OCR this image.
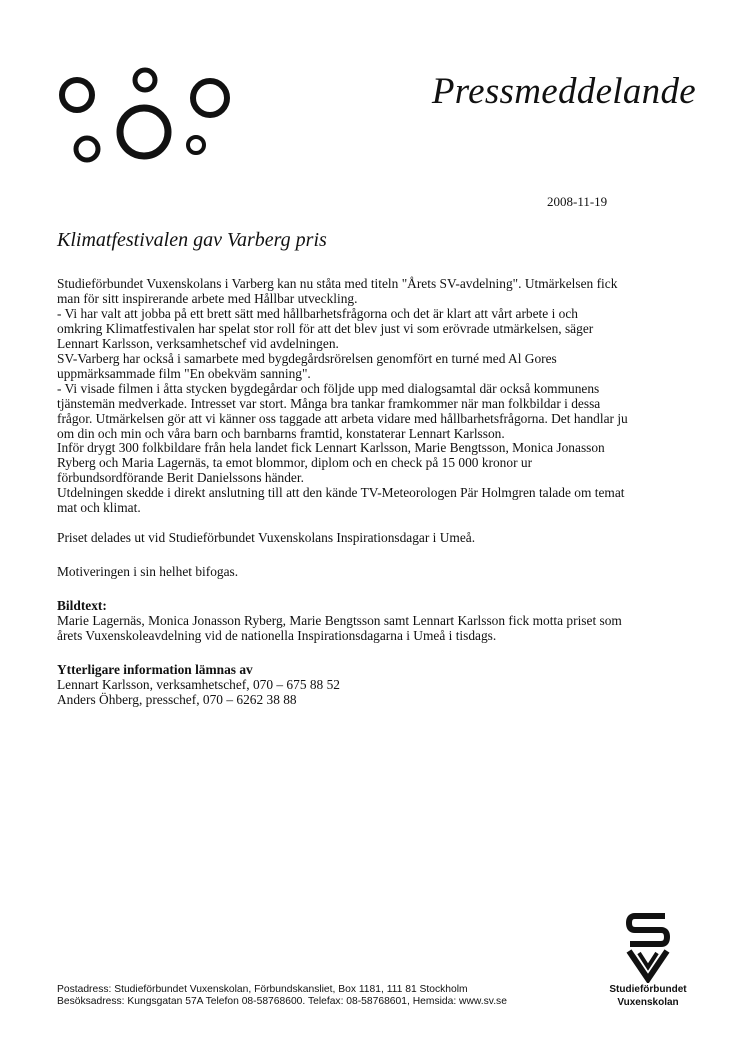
Pressmeddelande
2008-11-19
Klimatfestivalen gav Varberg pris

Studieförbundet Vuxenskolans i Varberg kan nu ståta med titeln "Årets SV-avdelning". Utmärkelsen fick

man för sitt inspirerande arbete med Hållbar utveckling.

- Vi har valt att jobba på ett brett sätt med hållbarhetsfrågorna och det är klart att vårt arbete i och

omkring Klimatfestivalen har spelat stor roll för att det blev just vi som erövrade utmärkelsen, säger

Lennart Karlsson, verksamhetschef vid avdelningen.

SV-Varberg har också i samarbete med bygdegårdsrörelsen genomfört en turné med Al Gores

uppmärksammade film "En obekväm sanning".

- Vi visade filmen i åtta stycken bygdegårdar och följde upp med dialogsamtal där också kommunens

tjänstemän medverkade. Intresset var stort. Många bra tankar framkommer när man folkbildar i dessa

frågor. Utmärkelsen gör att vi känner oss taggade att arbeta vidare med hållbarhetsfrågorna. Det handlar ju

om din och min och våra barn och barnbarns framtid, konstaterar Lennart Karlsson.

Inför drygt 300 folkbildare från hela landet fick Lennart Karlsson, Marie Bengtsson, Monica Jonasson

Ryberg och Maria Lagernäs, ta emot blommor, diplom och en check på 15 000 kronor ur

förbundsordförande Berit Danielssons händer.

Utdelningen skedde i direkt anslutning till att den kände TV-Meteorologen Pär Holmgren talade om temat

mat och klimat.

Priset delades ut vid Studieförbundet Vuxenskolans Inspirationsdagar i Umeå.

Motiveringen i sin helhet bifogas.

Bildtext:

Marie Lagernäs, Monica Jonasson Ryberg, Marie Bengtsson samt Lennart Karlsson fick motta priset som

årets Vuxenskoleavdelning vid de nationella Inspirationsdagarna i Umeå i tisdags.

Ytterligare information lämnas av

Lennart Karlsson, verksamhetschef, 070 – 675 88 52

Anders Öhberg, presschef, 070 – 6262 38 88

Studieförbundet
Vuxenskolan
Postadress: Studieförbundet Vuxenskolan, Förbundskansliet, Box 1181, 111 81 Stockholm
Besöksadress: Kungsgatan 57A Telefon 08-58768600. Telefax: 08-58768601, Hemsida: www.sv.se
